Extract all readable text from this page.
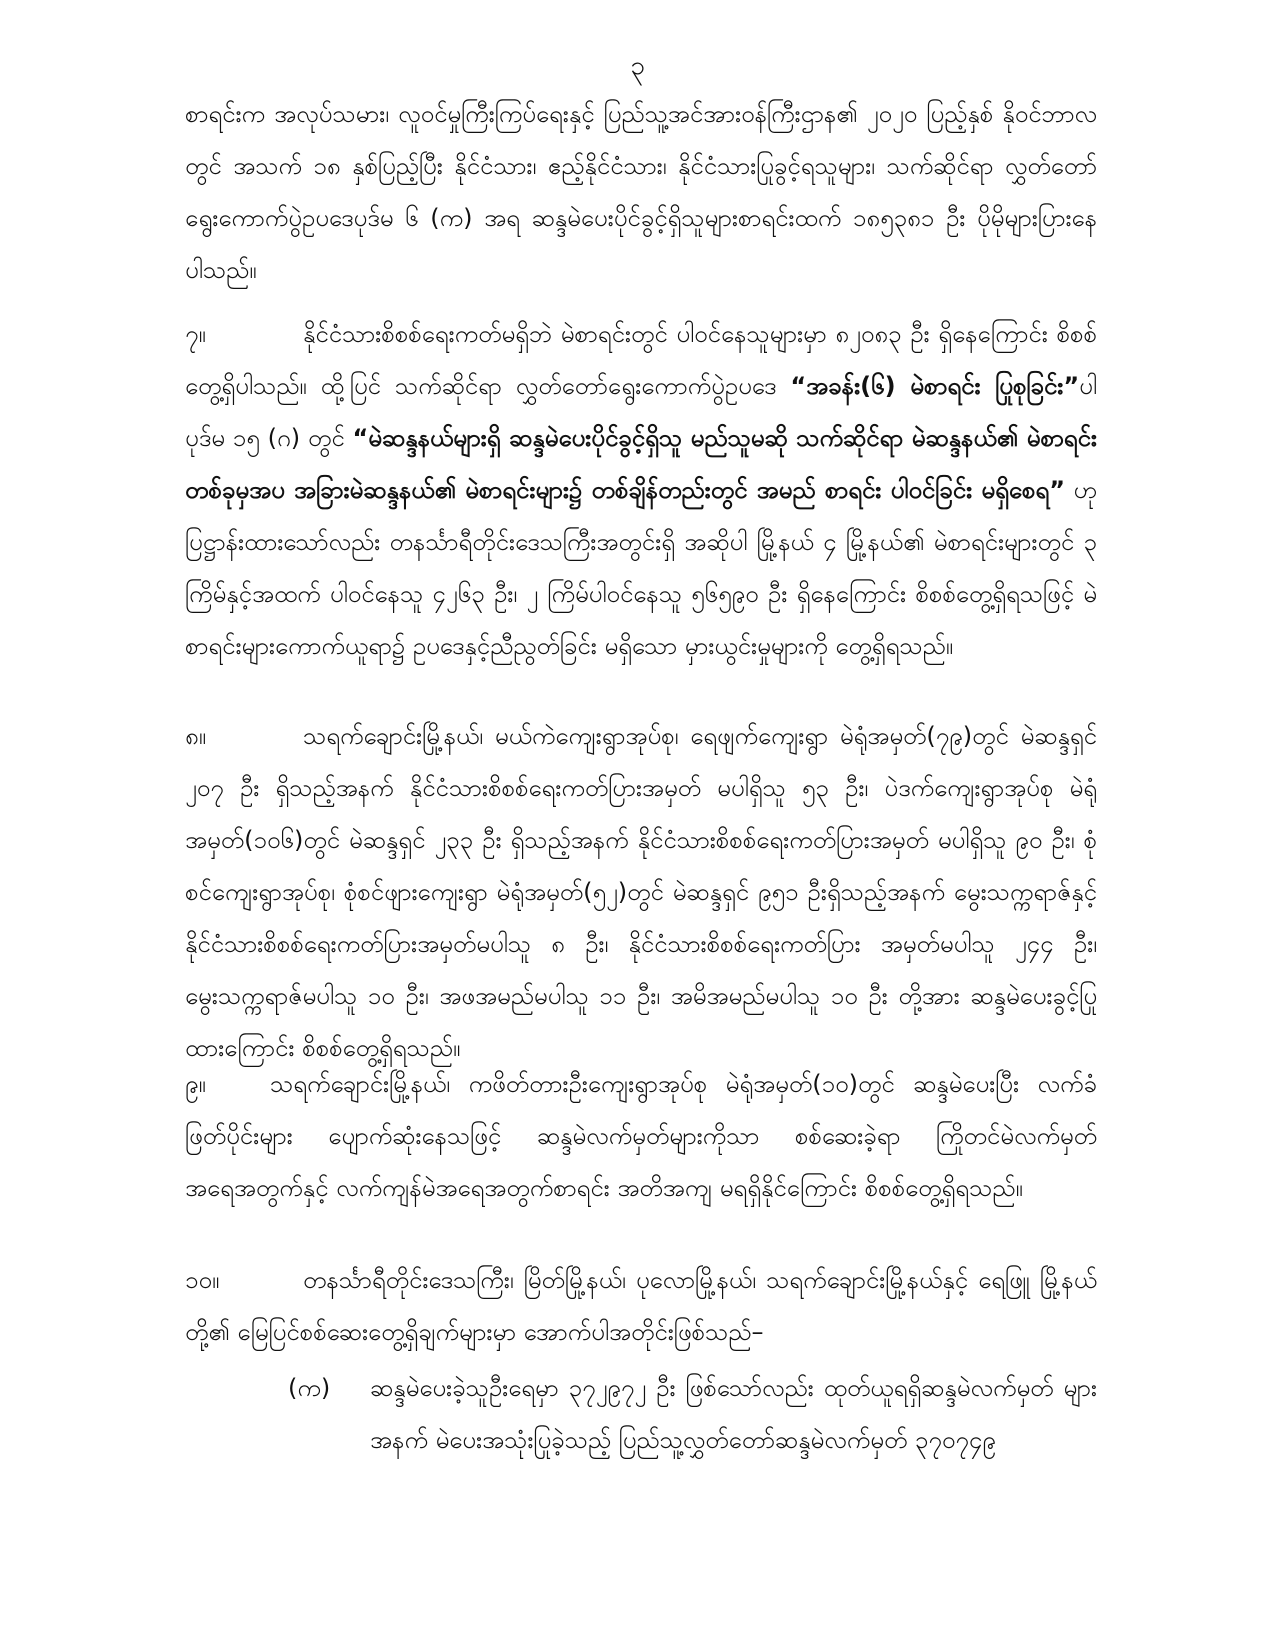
၃
စာရင်းက အလုပ်သမား၊ လူဝင်မှုကြီးကြပ်ရေးနှင့် ပြည်သူ့အင်အားဝန်ကြီးဌာန၏ ၂၀၂၀ ပြည့်နှစ် နိုဝင်ဘာလတွင် အသက် ၁၈ နှစ်ပြည့်ပြီး နိုင်ငံသား၊ ဧည့်နိုင်ငံသား၊ နိုင်ငံသားပြုခွင့်ရသူများ၊ သက်ဆိုင်ရာ လွှတ်တော်ရွေးကောက်ပွဲဥပဒေပုဒ်မ ၆ (က) အရ ဆန္ဒမဲပေးပိုင်ခွင့်ရှိသူများစာရင်းထက် ၁၈၅၃၈၁ ဦး ပိုမိုများပြားနေပါသည်။
၇။	နိုင်ငံသားစိစစ်ရေးကတ်မရှိဘဲ မဲစာရင်းတွင် ပါဝင်နေသူများမှာ ၈၂၀၈၃ ဦး ရှိနေကြောင်း စိစစ်တွေ့ရှိပါသည်။ ထို့ပြင် သက်ဆိုင်ရာ လွှတ်တော်ရွေးကောက်ပွဲဥပဒေ “အခန်း(၆) မဲစာရင်း ပြုစုခြင်း”ပါ ပုဒ်မ ၁၅ (ဂ) တွင် “မဲဆန္ဒနယ်များရှိ ဆန္ဒမဲပေးပိုင်ခွင့်ရှိသူ မည်သူမဆို သက်ဆိုင်ရာ မဲဆန္ဒနယ်၏ မဲစာရင်းတစ်ခုမှအပ အခြားမဲဆန္ဒနယ်၏ မဲစာရင်းများ၌ တစ်ချိန်တည်းတွင် အမည် စာရင်း ပါဝင်ခြင်း မရှိစေရ” ဟု ပြဋ္ဌာန်းထားသော်လည်း တနင်္သာရီတိုင်းဒေသကြီးအတွင်းရှိ အဆိုပါ မြို့နယ် ၄ မြို့နယ်၏ မဲစာရင်းများတွင် ၃ ကြိမ်နှင့်အထက် ပါဝင်နေသူ ၄၂၆၃ ဦး၊ ၂ ကြိမ်ပါဝင်နေသူ ၅၆၅၉၀ ဦး ရှိနေကြောင်း စိစစ်တွေ့ရှိရသဖြင့် မဲစာရင်းများကောက်ယူရာ၌ ဥပဒေနှင့်ညီညွတ်ခြင်း မရှိသော မှားယွင်းမှုများကို တွေ့ရှိရသည်။
၈။	သရက်ချောင်းမြို့နယ်၊ မယ်ကဲကျေးရွာအုပ်စု၊ ရေဖျက်ကျေးရွာ မဲရုံအမှတ်(၇၉)တွင် မဲဆန္ဒရှင် ၂၀၇ ဦး ရှိသည့်အနက် နိုင်ငံသားစိစစ်ရေးကတ်ပြားအမှတ် မပါရှိသူ ၅၃ ဦး၊ ပဲဒက်ကျေးရွာအုပ်စု မဲရုံအမှတ်(၁၀၆)တွင် မဲဆန္ဒရှင် ၂၃၃ ဦး ရှိသည့်အနက် နိုင်ငံသားစိစစ်ရေးကတ်ပြားအမှတ် မပါရှိသူ ၉၀ ဦး၊ စုံစင်ကျေးရွာအုပ်စု၊ စုံစင်ဖျားကျေးရွာ မဲရုံအမှတ်(၅၂)တွင် မဲဆန္ဒရှင် ၉၅၁ ဦးရှိသည့်အနက် မွေးသက္ကရာဇ်နှင့် နိုင်ငံသားစိစစ်ရေးကတ်ပြားအမှတ်မပါသူ ၈ ဦး၊ နိုင်ငံသားစိစစ်ရေးကတ်ပြား အမှတ်မပါသူ ၂၄၄ ဦး၊ မွေးသက္ကရာဇ်မပါသူ ၁၀ ဦး၊ အဖအမည်မပါသူ ၁၁ ဦး၊ အမိအမည်မပါသူ ၁၀ ဦး တို့အား ဆန္ဒမဲပေးခွင့်ပြုထားကြောင်း စိစစ်တွေ့ရှိရသည်။
၉။	သရက်ချောင်းမြို့နယ်၊ ကဖိတ်တားဦးကျေးရွာအုပ်စု မဲရုံအမှတ်(၁၀)တွင် ဆန္ဒမဲပေးပြီး လက်ခံ ဖြတ်ပိုင်းများ ပျောက်ဆုံးနေသဖြင့် ဆန္ဒမဲလက်မှတ်များကိုသာ စစ်ဆေးခဲ့ရာ ကြိုတင်မဲလက်မှတ် အရေအတွက်နှင့် လက်ကျန်မဲအရေအတွက်စာရင်း အတိအကျ မရရှိနိုင်ကြောင်း စိစစ်တွေ့ရှိရသည်။
၁၀။	တနင်္သာရီတိုင်းဒေသကြီး၊ မြိတ်မြို့နယ်၊ ပုလောမြို့နယ်၊ သရက်ချောင်းမြို့နယ်နှင့် ရေဖြူ မြို့နယ်တို့၏ မြေပြင်စစ်ဆေးတွေ့ရှိချက်များမှာ အောက်ပါအတိုင်းဖြစ်သည်–
(က) ဆန္ဒမဲပေးခဲ့သူဦးရေမှာ ၃၇၂၉၇၂ ဦး ဖြစ်သော်လည်း ထုတ်ယူရရှိဆန္ဒမဲလက်မှတ် များအနက် မဲပေးအသုံးပြုခဲ့သည့် ပြည်သူ့လွှတ်တော်ဆန္ဒမဲလက်မှတ် ၃၇၀၇၄၉
